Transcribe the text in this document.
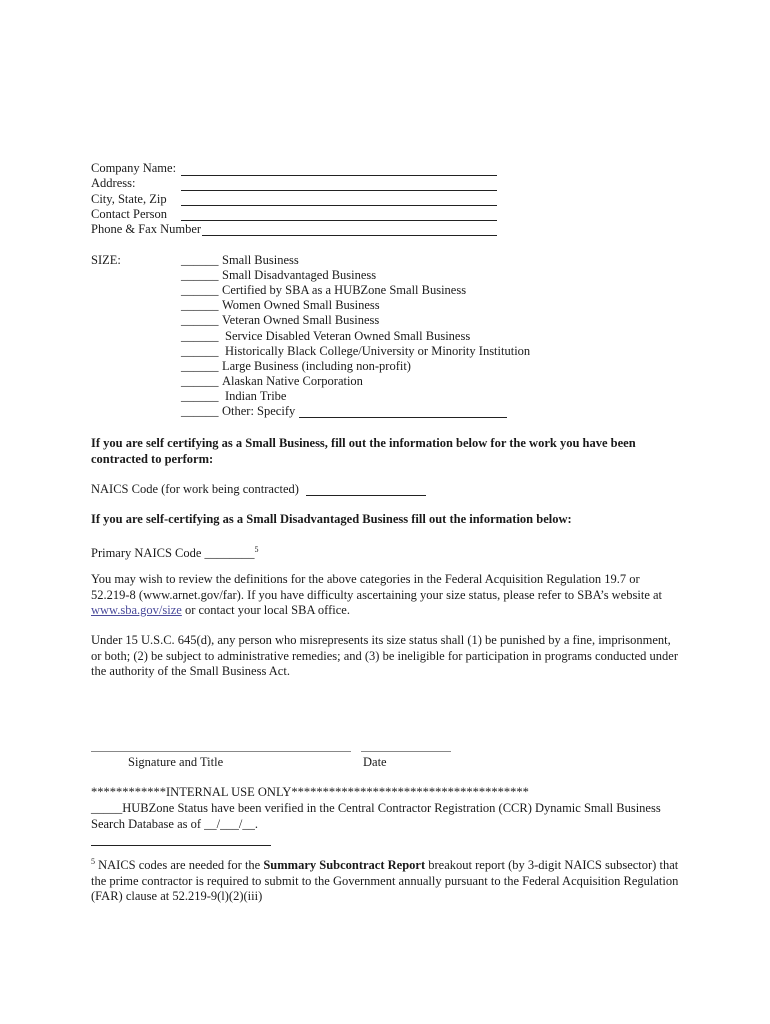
Company Name:
Address:
City, State, Zip
Contact Person
Phone & Fax Number
SIZE:	______ Small Business
______ Small Disadvantaged Business
______ Certified by SBA as a HUBZone Small Business
______ Women Owned Small Business
______ Veteran Owned Small Business
______ Service Disabled Veteran Owned Small Business
______ Historically Black College/University or Minority Institution
______ Large Business (including non-profit)
______ Alaskan Native Corporation
______ Indian Tribe
______ Other: Specify
If you are self certifying as a Small Business, fill out the information below for the work you have been contracted to perform:
NAICS Code (for work being contracted)
If you are self-certifying as a Small Disadvantaged Business fill out the information below:
Primary NAICS Code ________$^5$
You may wish to review the definitions for the above categories in the Federal Acquisition Regulation 19.7 or 52.219-8 (www.arnet.gov/far). If you have difficulty ascertaining your size status, please refer to SBA’s website at www.sba.gov/size or contact your local SBA office.
Under 15 U.S.C. 645(d), any person who misrepresents its size status shall (1) be punished by a fine, imprisonment, or both; (2) be subject to administrative remedies; and (3) be ineligible for participation in programs conducted under the authority of the Small Business Act.
Signature and Title	Date
************INTERNAL USE ONLY**************************************
_____HUBZone Status have been verified in the Central Contractor Registration (CCR) Dynamic Small Business
Search Database as of __/___/__.
$^5$ NAICS codes are needed for the Summary Subcontract Report breakout report (by 3-digit NAICS subsector) that the prime contractor is required to submit to the Government annually pursuant to the Federal Acquisition Regulation (FAR) clause at 52.219-9(l)(2)(iii)
